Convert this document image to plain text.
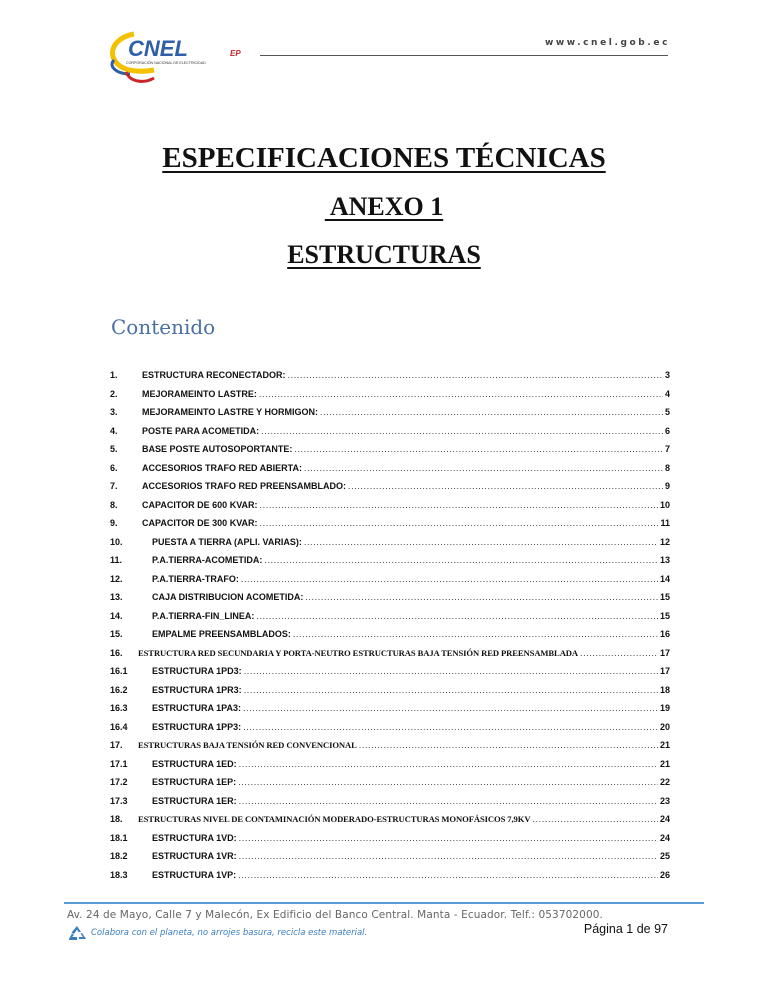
CNEL	EP
CORPORACIÓN NACIONAL DE ELECTRICIDAD
www.cnel.gob.ec
ESPECIFICACIONES TÉCNICAS
ANEXO 1
ESTRUCTURAS
Contenido
1.	ESTRUCTURA RECONECTADOR: .....	3
2.	MEJORAMEINTO LASTRE: .....	4
3.	MEJORAMEINTO LASTRE Y HORMIGON: .....	5
4.	POSTE PARA ACOMETIDA: .....	6
5.	BASE POSTE AUTOSOPORTANTE: .....	7
6.	ACCESORIOS TRAFO RED ABIERTA: .....	8
7.	ACCESORIOS TRAFO RED PREENSAMBLADO: .....	9
8.	CAPACITOR DE 600 KVAR: .....	10
9.	CAPACITOR DE 300 KVAR: .....	11
10.	PUESTA A TIERRA (APLI. VARIAS): .....	12
11.	P.A.TIERRA-ACOMETIDA: .....	13
12.	P.A.TIERRA-TRAFO: .....	14
13.	CAJA DISTRIBUCION ACOMETIDA: .....	15
14.	P.A.TIERRA-FIN_LINEA: .....	15
15.	EMPALME PREENSAMBLADOS: .....	16
16.	ESTRUCTURA RED SECUNDARIA Y PORTA-NEUTRO ESTRUCTURAS BAJA TENSIÓN RED PREENSAMBLADA .....	17
16.1	ESTRUCTURA 1PD3: .....	17
16.2	ESTRUCTURA 1PR3: .....	18
16.3	ESTRUCTURA 1PA3: .....	19
16.4	ESTRUCTURA 1PP3: .....	20
17.	ESTRUCTURAS BAJA TENSIÓN RED CONVENCIONAL .....	21
17.1	ESTRUCTURA 1ED: .....	21
17.2	ESTRUCTURA 1EP: .....	22
17.3	ESTRUCTURA 1ER: .....	23
18.	ESTRUCTURAS NIVEL DE CONTAMINACIÓN MODERADO-ESTRUCTURAS MONOFÁSICOS 7,9KV .....	24
18.1	ESTRUCTURA 1VD: .....	24
18.2	ESTRUCTURA 1VR: .....	25
18.3	ESTRUCTURA 1VP: .....	26
Av. 24 de Mayo, Calle 7 y Malecón, Ex Edificio del Banco Central. Manta - Ecuador. Telf.: 053702000.
Colabora con el planeta, no arrojes basura, recicla este material.	Página 1 de 97
